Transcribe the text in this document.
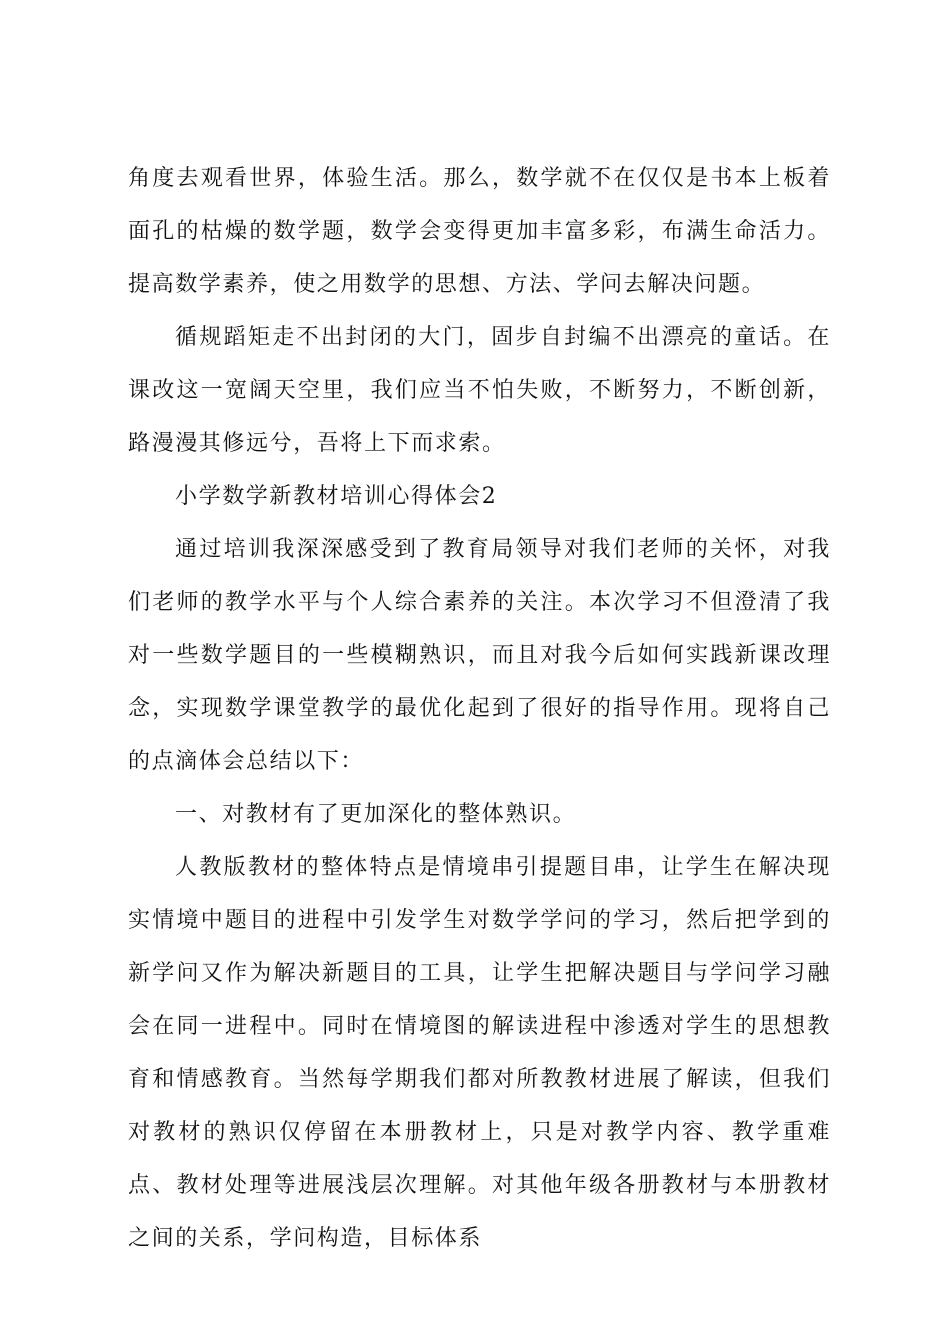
角度去观看世界，体验生活。那么，数学就不在仅仅是书本上板着面孔的枯燥的数学题，数学会变得更加丰富多彩，布满生命活力。提高数学素养，使之用数学的思想、方法、学问去解决问题。

循规蹈矩走不出封闭的大门，固步自封编不出漂亮的童话。在课改这一宽阔天空里，我们应当不怕失败，不断努力，不断创新，路漫漫其修远兮，吾将上下而求索。

小学数学新教材培训心得体会2

通过培训我深深感受到了教育局领导对我们老师的关怀，对我们老师的教学水平与个人综合素养的关注。本次学习不但澄清了我对一些数学题目的一些模糊熟识，而且对我今后如何实践新课改理念，实现数学课堂教学的最优化起到了很好的指导作用。现将自己的点滴体会总结以下：

一、对教材有了更加深化的整体熟识。

人教版教材的整体特点是情境串引提题目串，让学生在解决现实情境中题目的进程中引发学生对数学学问的学习，然后把学到的新学问又作为解决新题目的工具，让学生把解决题目与学问学习融会在同一进程中。同时在情境图的解读进程中渗透对学生的思想教育和情感教育。当然每学期我们都对所教教材进展了解读，但我们对教材的熟识仅停留在本册教材上，只是对教学内容、教学重难点、教材处理等进展浅层次理解。对其他年级各册教材与本册教材之间的关系，学问构造，目标体系
